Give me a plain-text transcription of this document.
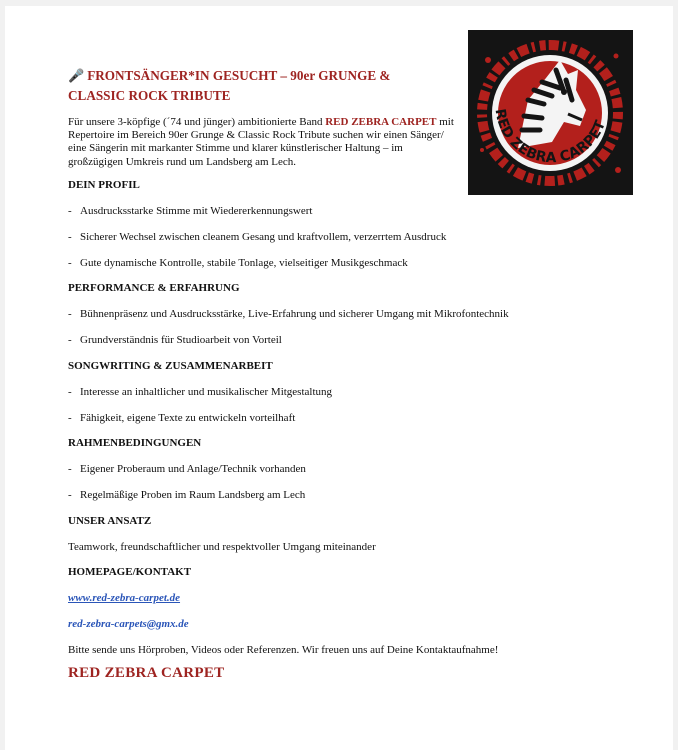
RED ZEBRA CARPET
🎤 FRONTSÄNGER*IN GESUCHT – 90er GRUNGE & CLASSIC ROCK TRIBUTE
Für unsere 3-köpfige (´74 und jünger) ambitionierte Band RED ZEBRA CARPET mit Repertoire im Bereich 90er Grunge & Classic Rock Tribute suchen wir einen Sänger/ eine Sängerin mit markanter Stimme und klarer künstlerischer Haltung – im großzügigen Umkreis rund um Landsberg am Lech.
DEIN PROFIL
- Ausdrucksstarke Stimme mit Wiedererkennungswert
- Sicherer Wechsel zwischen cleanem Gesang und kraftvollem, verzerrtem Ausdruck
- Gute dynamische Kontrolle, stabile Tonlage, vielseitiger Musikgeschmack
PERFORMANCE & ERFAHRUNG
- Bühnenpräsenz und Ausdrucksstärke, Live-Erfahrung und sicherer Umgang mit Mikrofontechnik
- Grundverständnis für Studioarbeit von Vorteil
SONGWRITING & ZUSAMMENARBEIT
- Interesse an inhaltlicher und musikalischer Mitgestaltung
- Fähigkeit, eigene Texte zu entwickeln vorteilhaft
RAHMENBEDINGUNGEN
- Eigener Proberaum und Anlage/Technik vorhanden
- Regelmäßige Proben im Raum Landsberg am Lech
UNSER ANSATZ
Teamwork, freundschaftlicher und respektvoller Umgang miteinander
HOMEPAGE/KONTAKT
www.red-zebra-carpet.de
red-zebra-carpets@gmx.de
Bitte sende uns Hörproben, Videos oder Referenzen. Wir freuen uns auf Deine Kontaktaufnahme!
RED ZEBRA CARPET
